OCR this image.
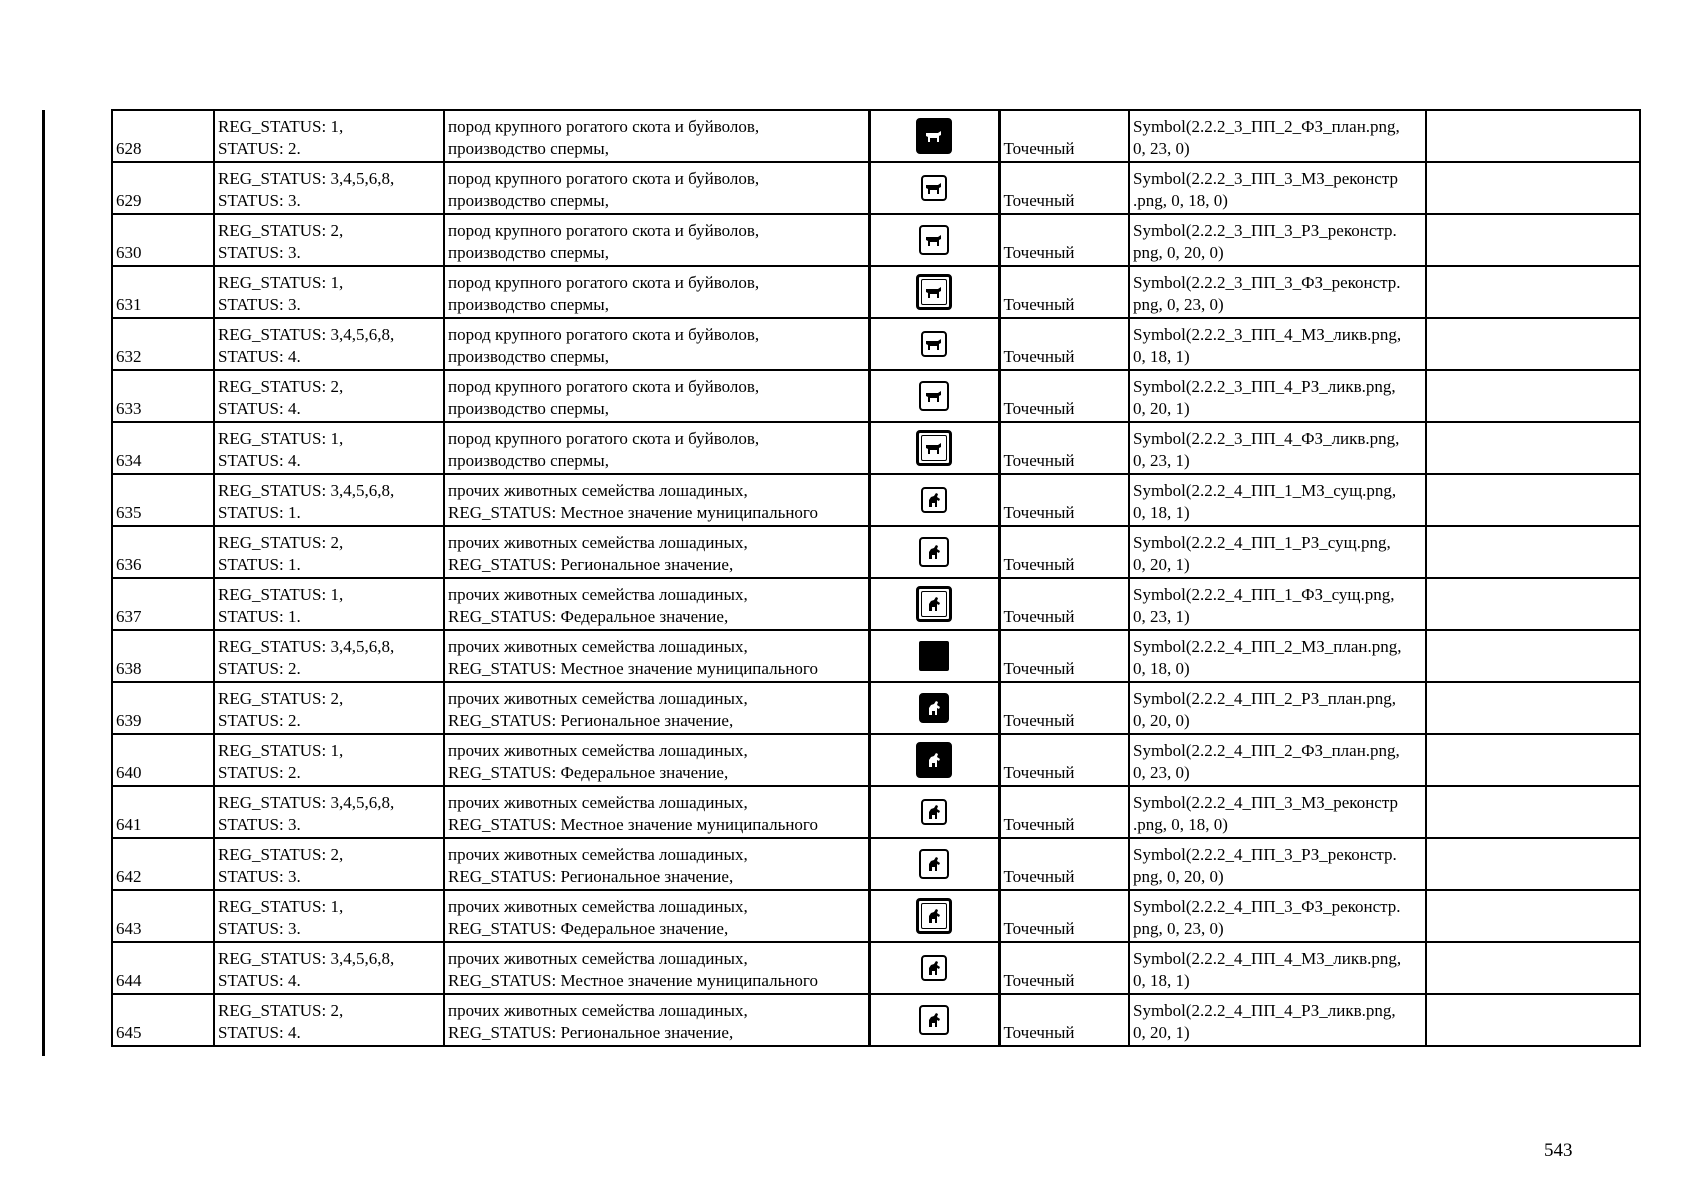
628	REG_STATUS: 1,
STATUS: 2.	пород крупного рогатого скота и буйволов,
производство спермы,		Точечный	Symbol(2.2.2_3_ПП_2_ФЗ_план.png,
0, 23, 0)	

629	REG_STATUS: 3,4,5,6,8,
STATUS: 3.	пород крупного рогатого скота и буйволов,
производство спермы,		Точечный	Symbol(2.2.2_3_ПП_3_МЗ_реконстр
.png, 0, 18, 0)	

630	REG_STATUS: 2,
STATUS: 3.	пород крупного рогатого скота и буйволов,
производство спермы,		Точечный	Symbol(2.2.2_3_ПП_3_РЗ_реконстр.
png, 0, 20, 0)	

631	REG_STATUS: 1,
STATUS: 3.	пород крупного рогатого скота и буйволов,
производство спермы,		Точечный	Symbol(2.2.2_3_ПП_3_ФЗ_реконстр.
png, 0, 23, 0)	

632	REG_STATUS: 3,4,5,6,8,
STATUS: 4.	пород крупного рогатого скота и буйволов,
производство спермы,		Точечный	Symbol(2.2.2_3_ПП_4_МЗ_ликв.png,
0, 18, 1)	

633	REG_STATUS: 2,
STATUS: 4.	пород крупного рогатого скота и буйволов,
производство спермы,		Точечный	Symbol(2.2.2_3_ПП_4_РЗ_ликв.png,
0, 20, 1)	

634	REG_STATUS: 1,
STATUS: 4.	пород крупного рогатого скота и буйволов,
производство спермы,		Точечный	Symbol(2.2.2_3_ПП_4_ФЗ_ликв.png,
0, 23, 1)	

635	REG_STATUS: 3,4,5,6,8,
STATUS: 1.	прочих животных семейства лошадиных,
REG_STATUS: Местное значение муниципального		Точечный	Symbol(2.2.2_4_ПП_1_МЗ_сущ.png,
0, 18, 1)	

636	REG_STATUS: 2,
STATUS: 1.	прочих животных семейства лошадиных,
REG_STATUS: Региональное значение,		Точечный	Symbol(2.2.2_4_ПП_1_РЗ_сущ.png,
0, 20, 1)	

637	REG_STATUS: 1,
STATUS: 1.	прочих животных семейства лошадиных,
REG_STATUS: Федеральное значение,		Точечный	Symbol(2.2.2_4_ПП_1_ФЗ_сущ.png,
0, 23, 1)	

638	REG_STATUS: 3,4,5,6,8,
STATUS: 2.	прочих животных семейства лошадиных,
REG_STATUS: Местное значение муниципального		Точечный	Symbol(2.2.2_4_ПП_2_МЗ_план.png,
0, 18, 0)	

639	REG_STATUS: 2,
STATUS: 2.	прочих животных семейства лошадиных,
REG_STATUS: Региональное значение,		Точечный	Symbol(2.2.2_4_ПП_2_РЗ_план.png,
0, 20, 0)	

640	REG_STATUS: 1,
STATUS: 2.	прочих животных семейства лошадиных,
REG_STATUS: Федеральное значение,		Точечный	Symbol(2.2.2_4_ПП_2_ФЗ_план.png,
0, 23, 0)	

641	REG_STATUS: 3,4,5,6,8,
STATUS: 3.	прочих животных семейства лошадиных,
REG_STATUS: Местное значение муниципального		Точечный	Symbol(2.2.2_4_ПП_3_МЗ_реконстр
.png, 0, 18, 0)	

642	REG_STATUS: 2,
STATUS: 3.	прочих животных семейства лошадиных,
REG_STATUS: Региональное значение,		Точечный	Symbol(2.2.2_4_ПП_3_РЗ_реконстр.
png, 0, 20, 0)	

643	REG_STATUS: 1,
STATUS: 3.	прочих животных семейства лошадиных,
REG_STATUS: Федеральное значение,		Точечный	Symbol(2.2.2_4_ПП_3_ФЗ_реконстр.
png, 0, 23, 0)	

644	REG_STATUS: 3,4,5,6,8,
STATUS: 4.	прочих животных семейства лошадиных,
REG_STATUS: Местное значение муниципального		Точечный	Symbol(2.2.2_4_ПП_4_МЗ_ликв.png,
0, 18, 1)	

645	REG_STATUS: 2,
STATUS: 4.	прочих животных семейства лошадиных,
REG_STATUS: Региональное значение,		Точечный	Symbol(2.2.2_4_ПП_4_РЗ_ликв.png,
0, 20, 1)	

543
